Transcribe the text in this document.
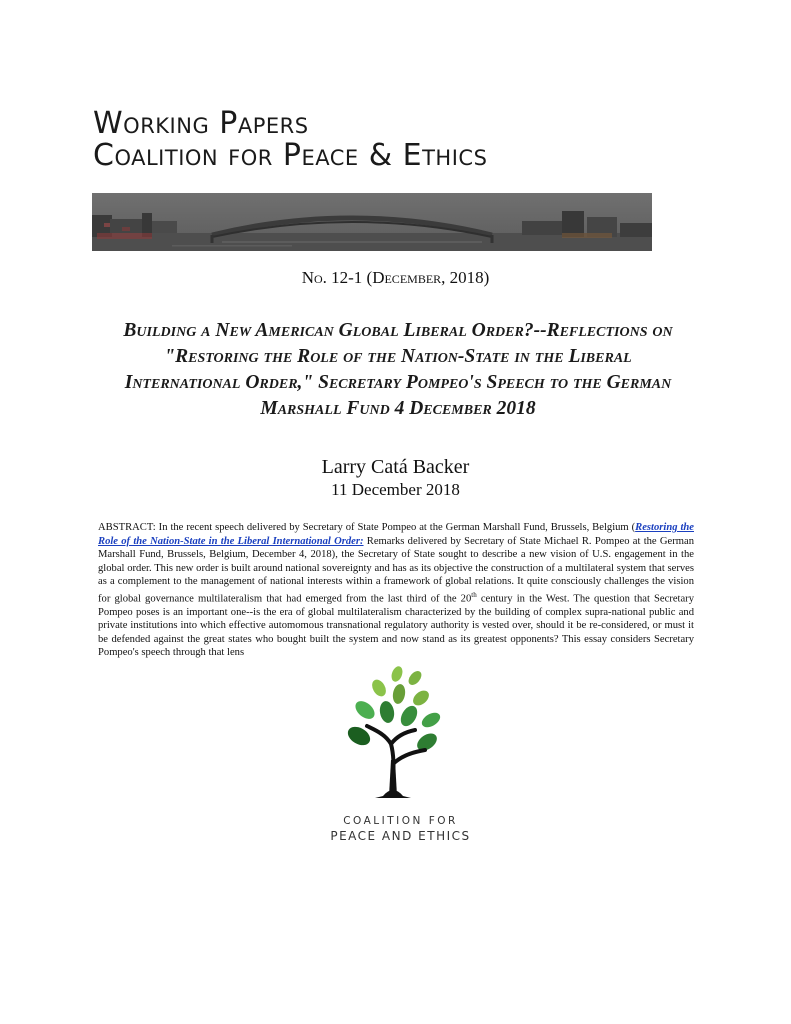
Working Papers
Coalition for Peace & Ethics
No. 12-1 (December, 2018)
Building a New American Global Liberal Order?--Reflections on
"Restoring the Role of the Nation-State in the Liberal
International Order," Secretary Pompeo's Speech to the German
Marshall Fund 4 December 2018
Larry Catá Backer
11 December 2018
ABSTRACT: In the recent speech delivered by Secretary of State Pompeo at the German Marshall Fund, Brussels, Belgium (Restoring the Role of the Nation-State in the Liberal International Order: Remarks delivered by Secretary of State Michael R. Pompeo at the German Marshall Fund, Brussels, Belgium, December 4, 2018), the Secretary of State sought to describe a new vision of U.S. engagement in the global order. This new order is built around national sovereignty and has as its objective the construction of a multilateral system that serves as a complement to the management of national interests within a framework of global relations. It quite consciously challenges the vision for global governance multilateralism that had emerged from the last third of the 20th century in the West. The question that Secretary Pompeo poses is an important one--is the era of global multilateralism characterized by the building of complex supra-national public and private institutions into which effective automomous transnational regulatory authority is vested over, should it be re-considered, or must it be defended against the great states who bought built the system and now stand as its greatest opponents? This essay considers Secretary Pompeo's speech through that lens
COALITION FOR
PEACE AND ETHICS
